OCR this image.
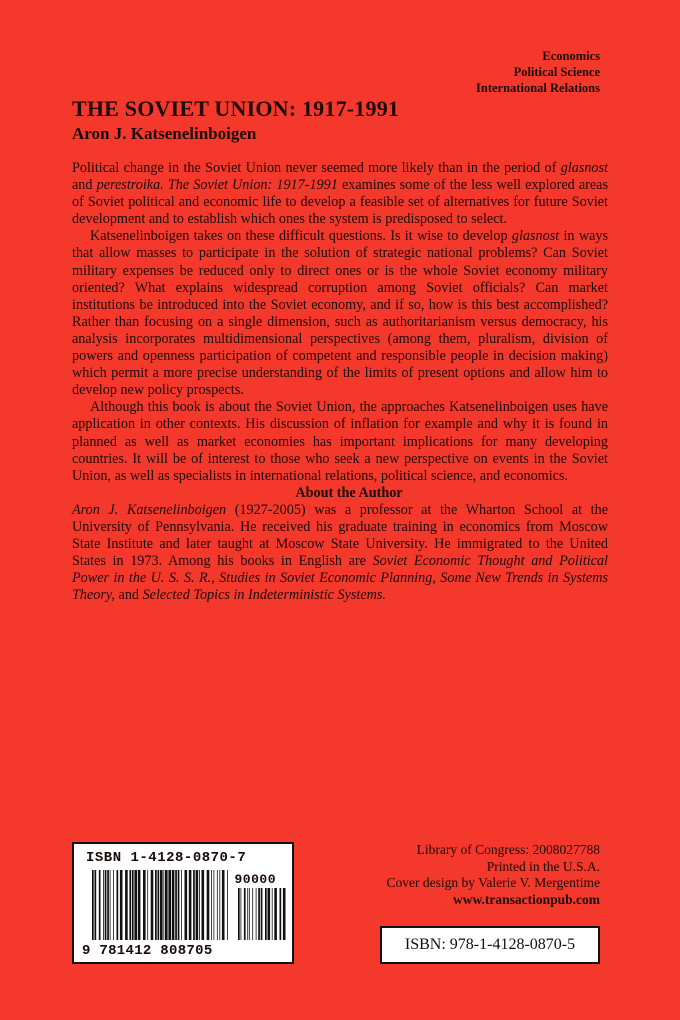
Economics
Political Science
International Relations
THE SOVIET UNION: 1917-1991
Aron J. Katsenelinboigen

Political change in the Soviet Union never seemed more likely than in the period of glasnost and perestroika. The Soviet Union: 1917-1991 examines some of the less well explored areas of Soviet political and economic life to develop a feasible set of alternatives for future Soviet development and to establish which ones the system is predisposed to select.

Katsenelinboigen takes on these difficult questions. Is it wise to develop glasnost in ways that allow masses to participate in the solution of strategic national problems? Can Soviet military expenses be reduced only to direct ones or is the whole Soviet economy military oriented? What explains widespread corruption among Soviet officials? Can market institutions be introduced into the Soviet economy, and if so, how is this best accomplished? Rather than focusing on a single dimension, such as authoritarianism versus democracy, his analysis incorporates multidimensional perspectives (among them, pluralism, division of powers and openness participation of competent and responsible people in decision making) which permit a more precise understanding of the limits of present options and allow him to develop new policy prospects.

Although this book is about the Soviet Union, the approaches Katsenelinboigen uses have application in other contexts. His discussion of inflation for example and why it is found in planned as well as market economies has important implications for many developing countries. It will be of interest to those who seek a new perspective on events in the Soviet Union, as well as specialists in international relations, political science, and economics.

About the Author

Aron J. Katsenelinboigen (1927-2005) was a professor at the Wharton School at the University of Pennsylvania. He received his graduate training in economics from Moscow State Institute and later taught at Moscow State University. He immigrated to the United States in 1973. Among his books in English are Soviet Economic Thought and Political Power in the U. S. S. R., Studies in Soviet Economic Planning, Some New Trends in Systems Theory, and Selected Topics in Indeterministic Systems.

ISBN 1-4128-0870-7
90000
9 781412 808705
Library of Congress: 2008027788
Printed in the U.S.A.
Cover design by Valerie V. Mergentime
www.transactionpub.com
ISBN: 978-1-4128-0870-5
